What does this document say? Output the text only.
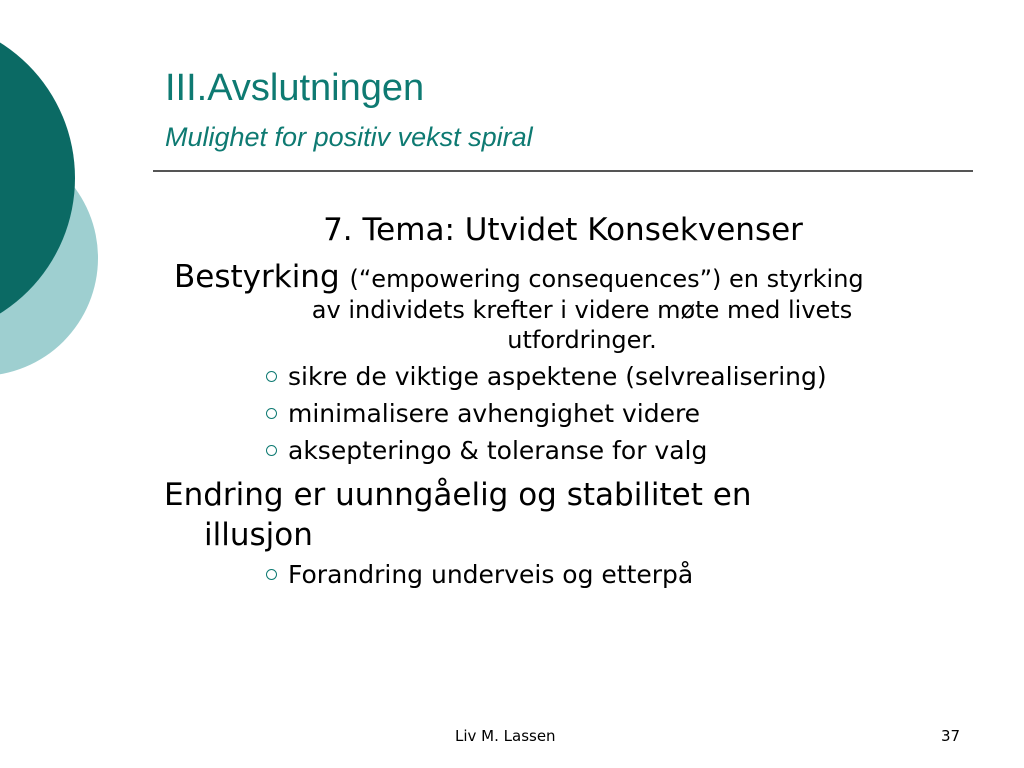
III.Avslutningen
Mulighet for positiv vekst spiral
7. Tema: Utvidet Konsekvenser
Bestyrking (“empowering consequences”) en styrking
av individets krefter i videre møte med livets
utfordringer.
sikre de viktige aspektene (selvrealisering)
minimalisere avhengighet videre
aksepteringo & toleranse for valg
Endring er uunngåelig og stabilitet en
illusjon
Forandring underveis og etterpå
Liv M. Lassen	37
